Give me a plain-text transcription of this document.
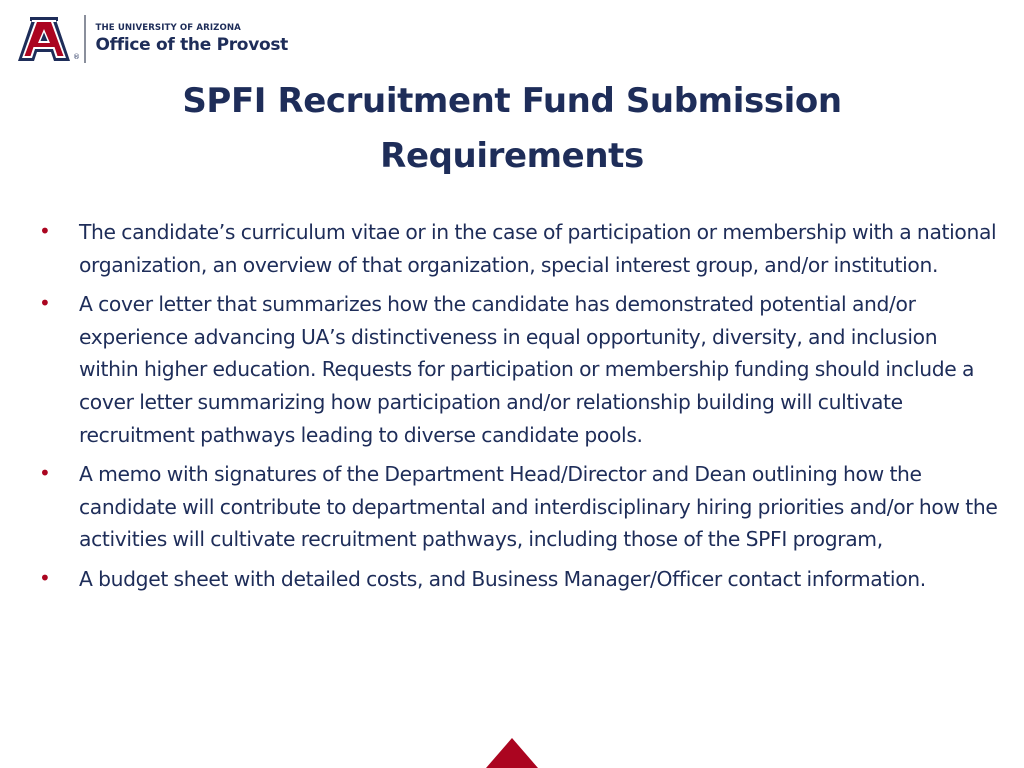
®
THE UNIVERSITY OF ARIZONA
Office of the Provost
SPFI Recruitment Fund Submission
Requirements
• The candidate’s curriculum vitae or in the case of participation or membership with a national organization, an overview of that organization, special interest group, and/or institution.
• A cover letter that summarizes how the candidate has demonstrated potential and/or experience advancing UA’s distinctiveness in equal opportunity, diversity, and inclusion within higher education. Requests for participation or membership funding should include a cover letter summarizing how participation and/or relationship building will cultivate recruitment pathways leading to diverse candidate pools.
• A memo with signatures of the Department Head/Director and Dean outlining how the candidate will contribute to departmental and interdisciplinary hiring priorities and/or how the activities will cultivate recruitment pathways, including those of the SPFI program,
• A budget sheet with detailed costs, and Business Manager/Officer contact information.
